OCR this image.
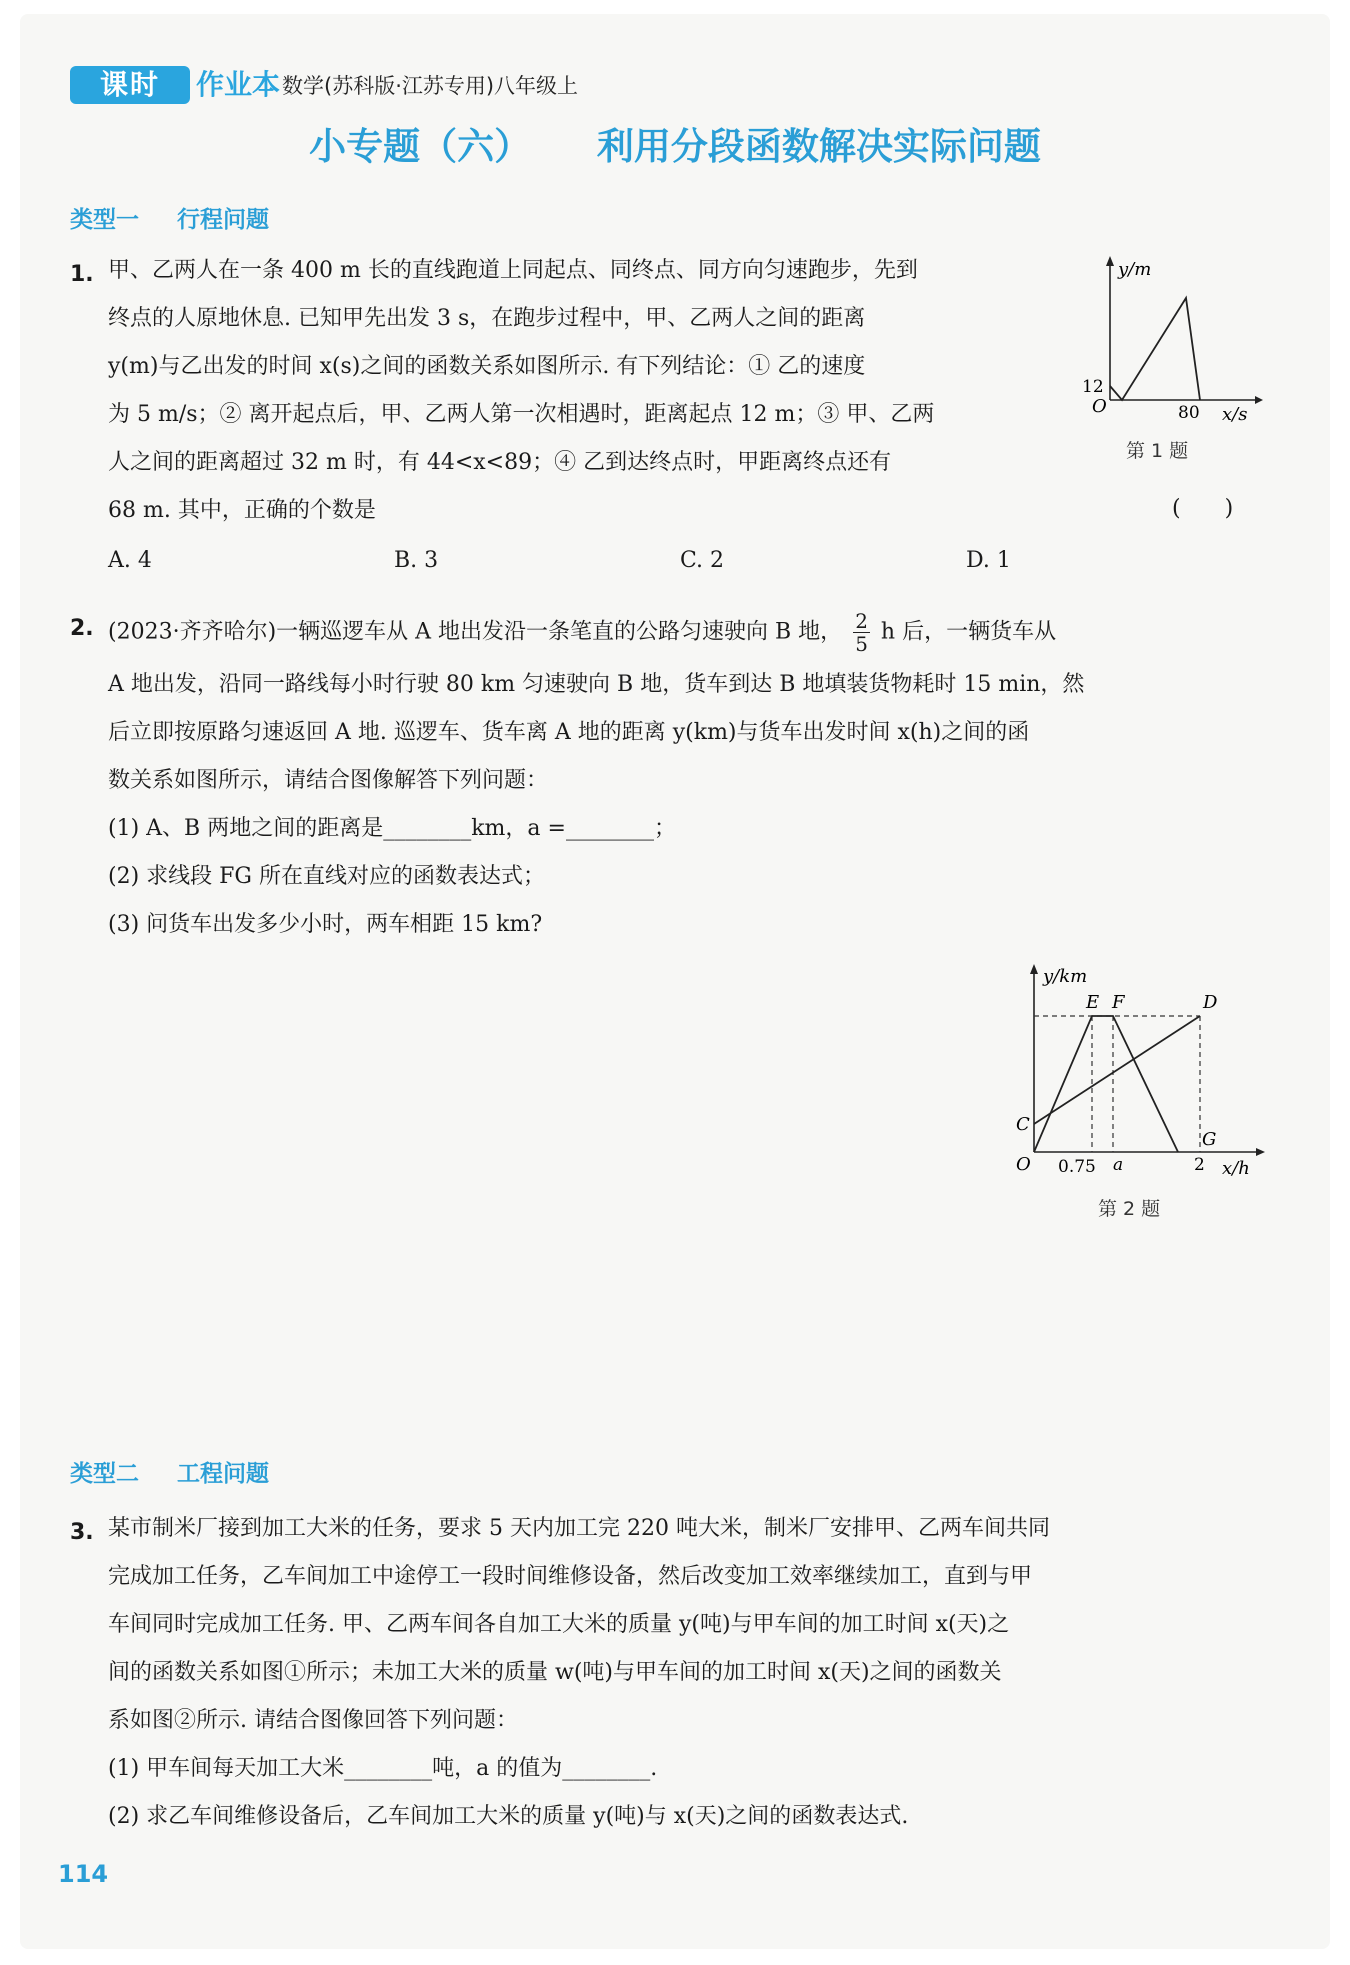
课时	作业本 数学(苏科版·江苏专用)八年级上
小专题（六） 利用分段函数解决实际问题
类型一 行程问题
1. 甲、乙两人在一条 400 m 长的直线跑道上同起点、同终点、同方向匀速跑步，先到
终点的人原地休息. 已知甲先出发 3 s，在跑步过程中，甲、乙两人之间的距离
y(m)与乙出发的时间 x(s)之间的函数关系如图所示. 有下列结论：① 乙的速度
为 5 m/s；② 离开起点后，甲、乙两人第一次相遇时，距离起点 12 m；③ 甲、乙两
人之间的距离超过 32 m 时，有 44<x<89；④ 乙到达终点时，甲距离终点还有
68 m. 其中，正确的个数是	(　　)
A. 4	B. 3	C. 2	D. 1
y/m
x/s
O
12
80
第 1 题
2. (2023·齐齐哈尔)一辆巡逻车从 A 地出发沿一条笔直的公路匀速驶向 B 地， $\frac{2}{5}$ h 后，一辆货车从
A 地出发，沿同一路线每小时行驶 80 km 匀速驶向 B 地，货车到达 B 地填装货物耗时 15 min，然
后立即按原路匀速返回 A 地. 巡逻车、货车离 A 地的距离 y(km)与货车出发时间 x(h)之间的函
数关系如图所示，请结合图像解答下列问题：
(1) A、B 两地之间的距离是________km，a =________；
(2) 求线段 FG 所在直线对应的函数表达式；
(3) 问货车出发多少小时，两车相距 15 km?
y/km
x/h
O
C
E F	D
G
0.75 a	2
第 2 题
类型二 工程问题
3. 某市制米厂接到加工大米的任务，要求 5 天内加工完 220 吨大米，制米厂安排甲、乙两车间共同
完成加工任务，乙车间加工中途停工一段时间维修设备，然后改变加工效率继续加工，直到与甲
车间同时完成加工任务. 甲、乙两车间各自加工大米的质量 y(吨)与甲车间的加工时间 x(天)之
间的函数关系如图①所示；未加工大米的质量 w(吨)与甲车间的加工时间 x(天)之间的函数关
系如图②所示. 请结合图像回答下列问题：
(1) 甲车间每天加工大米________吨，a 的值为________.
(2) 求乙车间维修设备后，乙车间加工大米的质量 y(吨)与 x(天)之间的函数表达式.
114
